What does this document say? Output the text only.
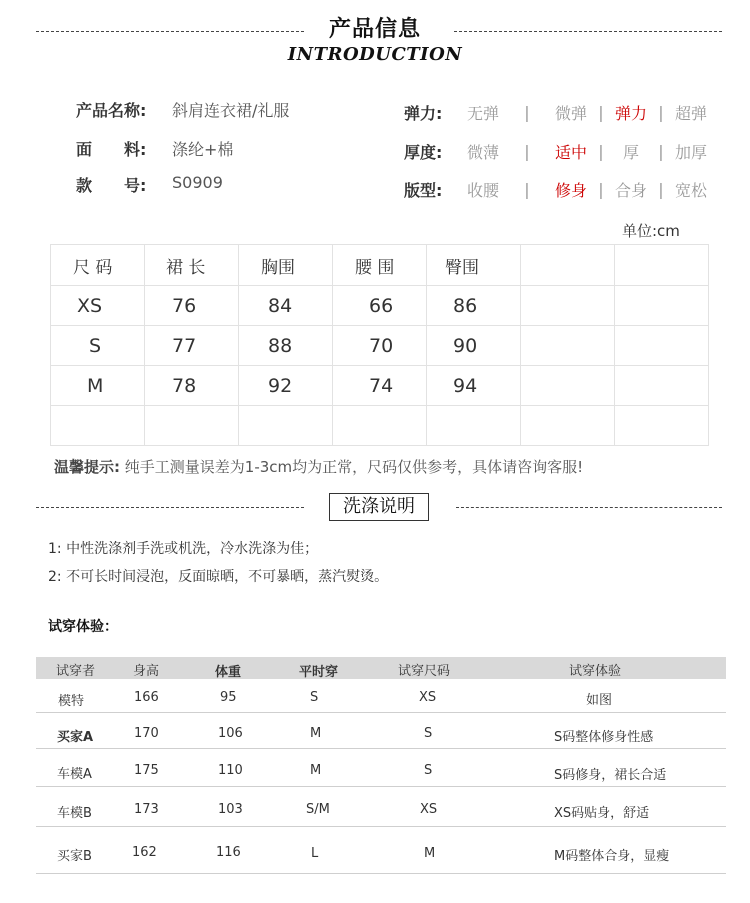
产品信息
INTRODUCTION
产品名称: 斜肩连衣裙/礼服
面　　料: 涤纶+棉
款　　号: S0909
弹力:	无弹	|	微弹 | 弹力 | 超弹
厚度:	微薄	|	适中 |	厚	| 加厚
版型:	收腰	|	修身 | 合身 | 宽松
单位:cm
尺 码	裙 长	胸围	腰 围	臀围		
XS	76	84	66	86		
S	77	88	70	90		
M	78	92	74	94		

温馨提示: 纯手工测量误差为1-3cm均为正常，尺码仅供参考，具体请咨询客服!
洗涤说明
1: 中性洗涤剂手洗或机洗，冷水洗涤为佳；
2: 不可长时间浸泡，反面晾晒，不可暴晒，蒸汽熨烫。
试穿体验：
试穿者	身高	体重	平时穿	试穿尺码	试穿体验
模特	166	95	S	XS	如图
买家A	170	106	M	S	S码整体修身性感
车模A	175	110	M	S	S码修身，裙长合适
车模B	173	103	S/M	XS	XS码贴身，舒适
买家B	162	116	L	M	M码整体合身，显瘦
